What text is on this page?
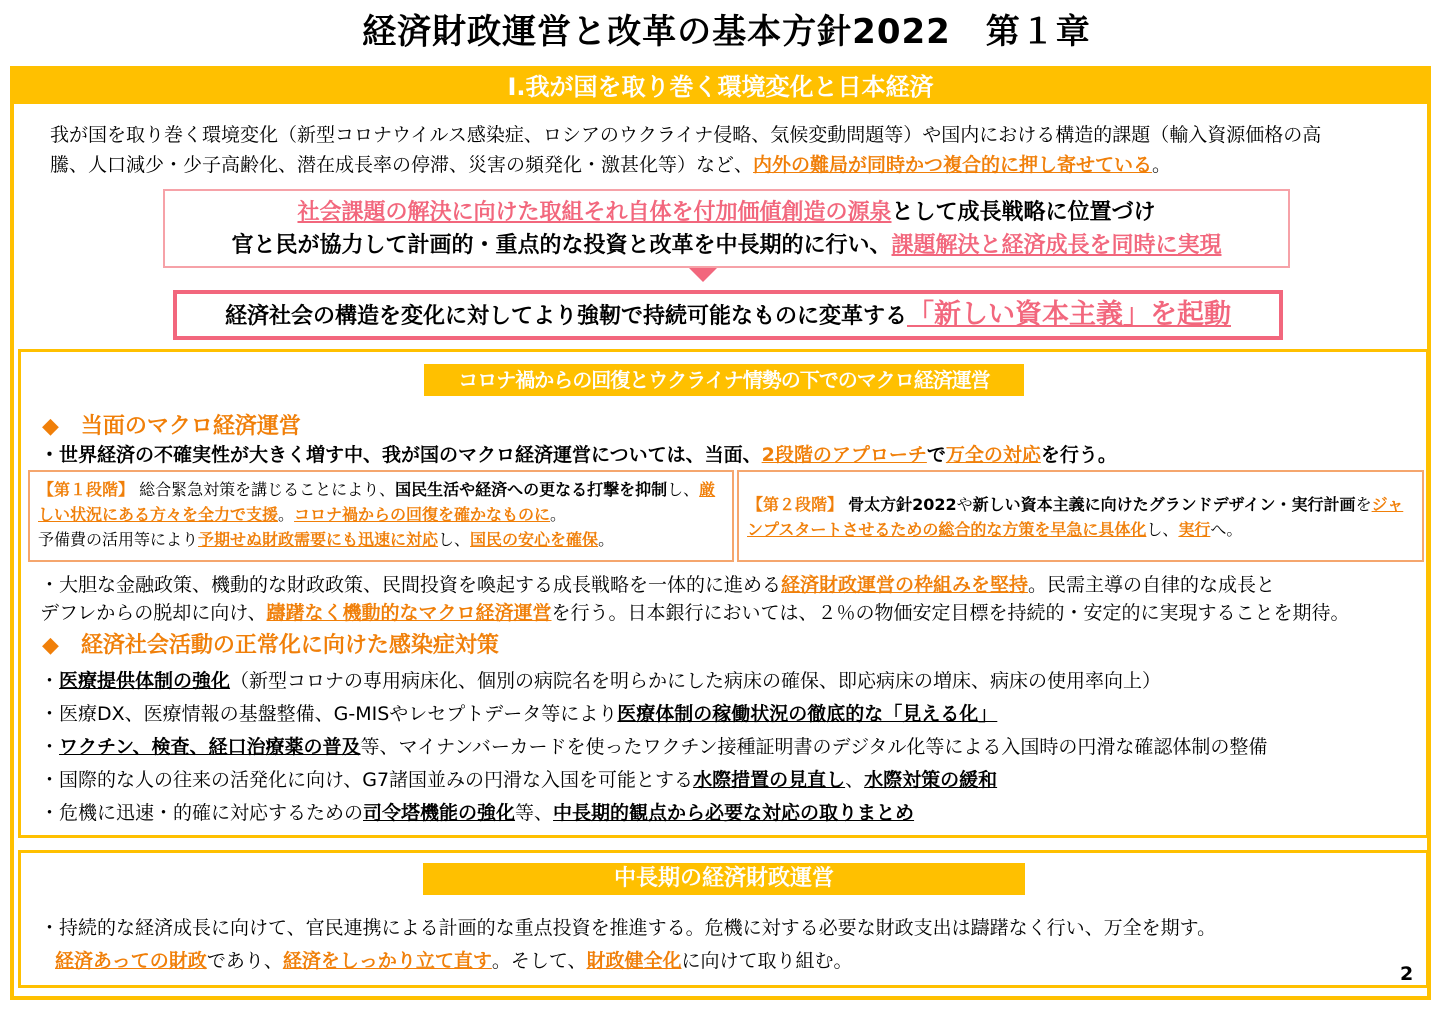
経済財政運営と改革の基本方針2022　第１章
Ⅰ.我が国を取り巻く環境変化と日本経済
我が国を取り巻く環境変化（新型コロナウイルス感染症、ロシアのウクライナ侵略、気候変動問題等）や国内における構造的課題（輸入資源価格の高
騰、人口減少・少子高齢化、潜在成長率の停滞、災害の頻発化・激甚化等）など、内外の難局が同時かつ複合的に押し寄せている。
社会課題の解決に向けた取組それ自体を付加価値創造の源泉として成長戦略に位置づけ
官と民が協力して計画的・重点的な投資と改革を中長期的に行い、課題解決と経済成長を同時に実現
経済社会の構造を変化に対してより強靭で持続可能なものに変革する「新しい資本主義」を起動
コロナ禍からの回復とウクライナ情勢の下でのマクロ経済運営
◆　当面のマクロ経済運営
・世界経済の不確実性が大きく増す中、我が国のマクロ経済運営については、当面、2段階のアプローチで万全の対応を行う。
【第１段階】 総合緊急対策を講じることにより、国民生活や経済への更なる打撃を抑制し、厳しい状況にある方々を全力で支援。コロナ禍からの回復を確かなものに。
予備費の活用等により予期せぬ財政需要にも迅速に対応し、国民の安心を確保。
【第２段階】 骨太方針2022や新しい資本主義に向けたグランドデザイン・実行計画をジャンプスタートさせるための総合的な方策を早急に具体化し、実行へ。
・大胆な金融政策、機動的な財政政策、民間投資を喚起する成長戦略を一体的に進める経済財政運営の枠組みを堅持。民需主導の自律的な成長と
デフレからの脱却に向け、躊躇なく機動的なマクロ経済運営を行う。日本銀行においては、２％の物価安定目標を持続的・安定的に実現することを期待。
◆　経済社会活動の正常化に向けた感染症対策
・医療提供体制の強化（新型コロナの専用病床化、個別の病院名を明らかにした病床の確保、即応病床の増床、病床の使用率向上）
・医療DX、医療情報の基盤整備、G-MISやレセプトデータ等により医療体制の稼働状況の徹底的な「見える化」
・ワクチン、検査、経口治療薬の普及等、マイナンバーカードを使ったワクチン接種証明書のデジタル化等による入国時の円滑な確認体制の整備
・国際的な人の往来の活発化に向け、G7諸国並みの円滑な入国を可能とする水際措置の見直し、水際対策の緩和
・危機に迅速・的確に対応するための司令塔機能の強化等、中長期的観点から必要な対応の取りまとめ
中長期の経済財政運営
・持続的な経済成長に向けて、官民連携による計画的な重点投資を推進する。危機に対する必要な財政支出は躊躇なく行い、万全を期す。
経済あっての財政であり、経済をしっかり立て直す。そして、財政健全化に向けて取り組む。
2
